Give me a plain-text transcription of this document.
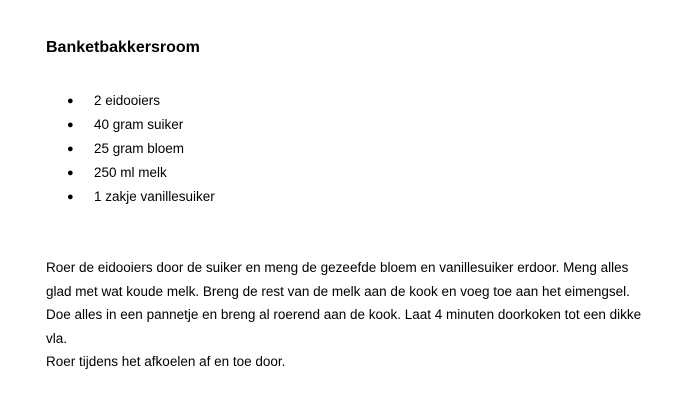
Banketbakkersroom
● 2 eidooiers
● 40 gram suiker
● 25 gram bloem
● 250 ml melk
● 1 zakje vanillesuiker
Roer de eidooiers door de suiker en meng de gezeefde bloem en vanillesuiker erdoor. Meng alles
glad met wat koude melk. Breng de rest van de melk aan de kook en voeg toe aan het eimengsel.
Doe alles in een pannetje en breng al roerend aan de kook. Laat 4 minuten doorkoken tot een dikke
vla.
Roer tijdens het afkoelen af en toe door.
